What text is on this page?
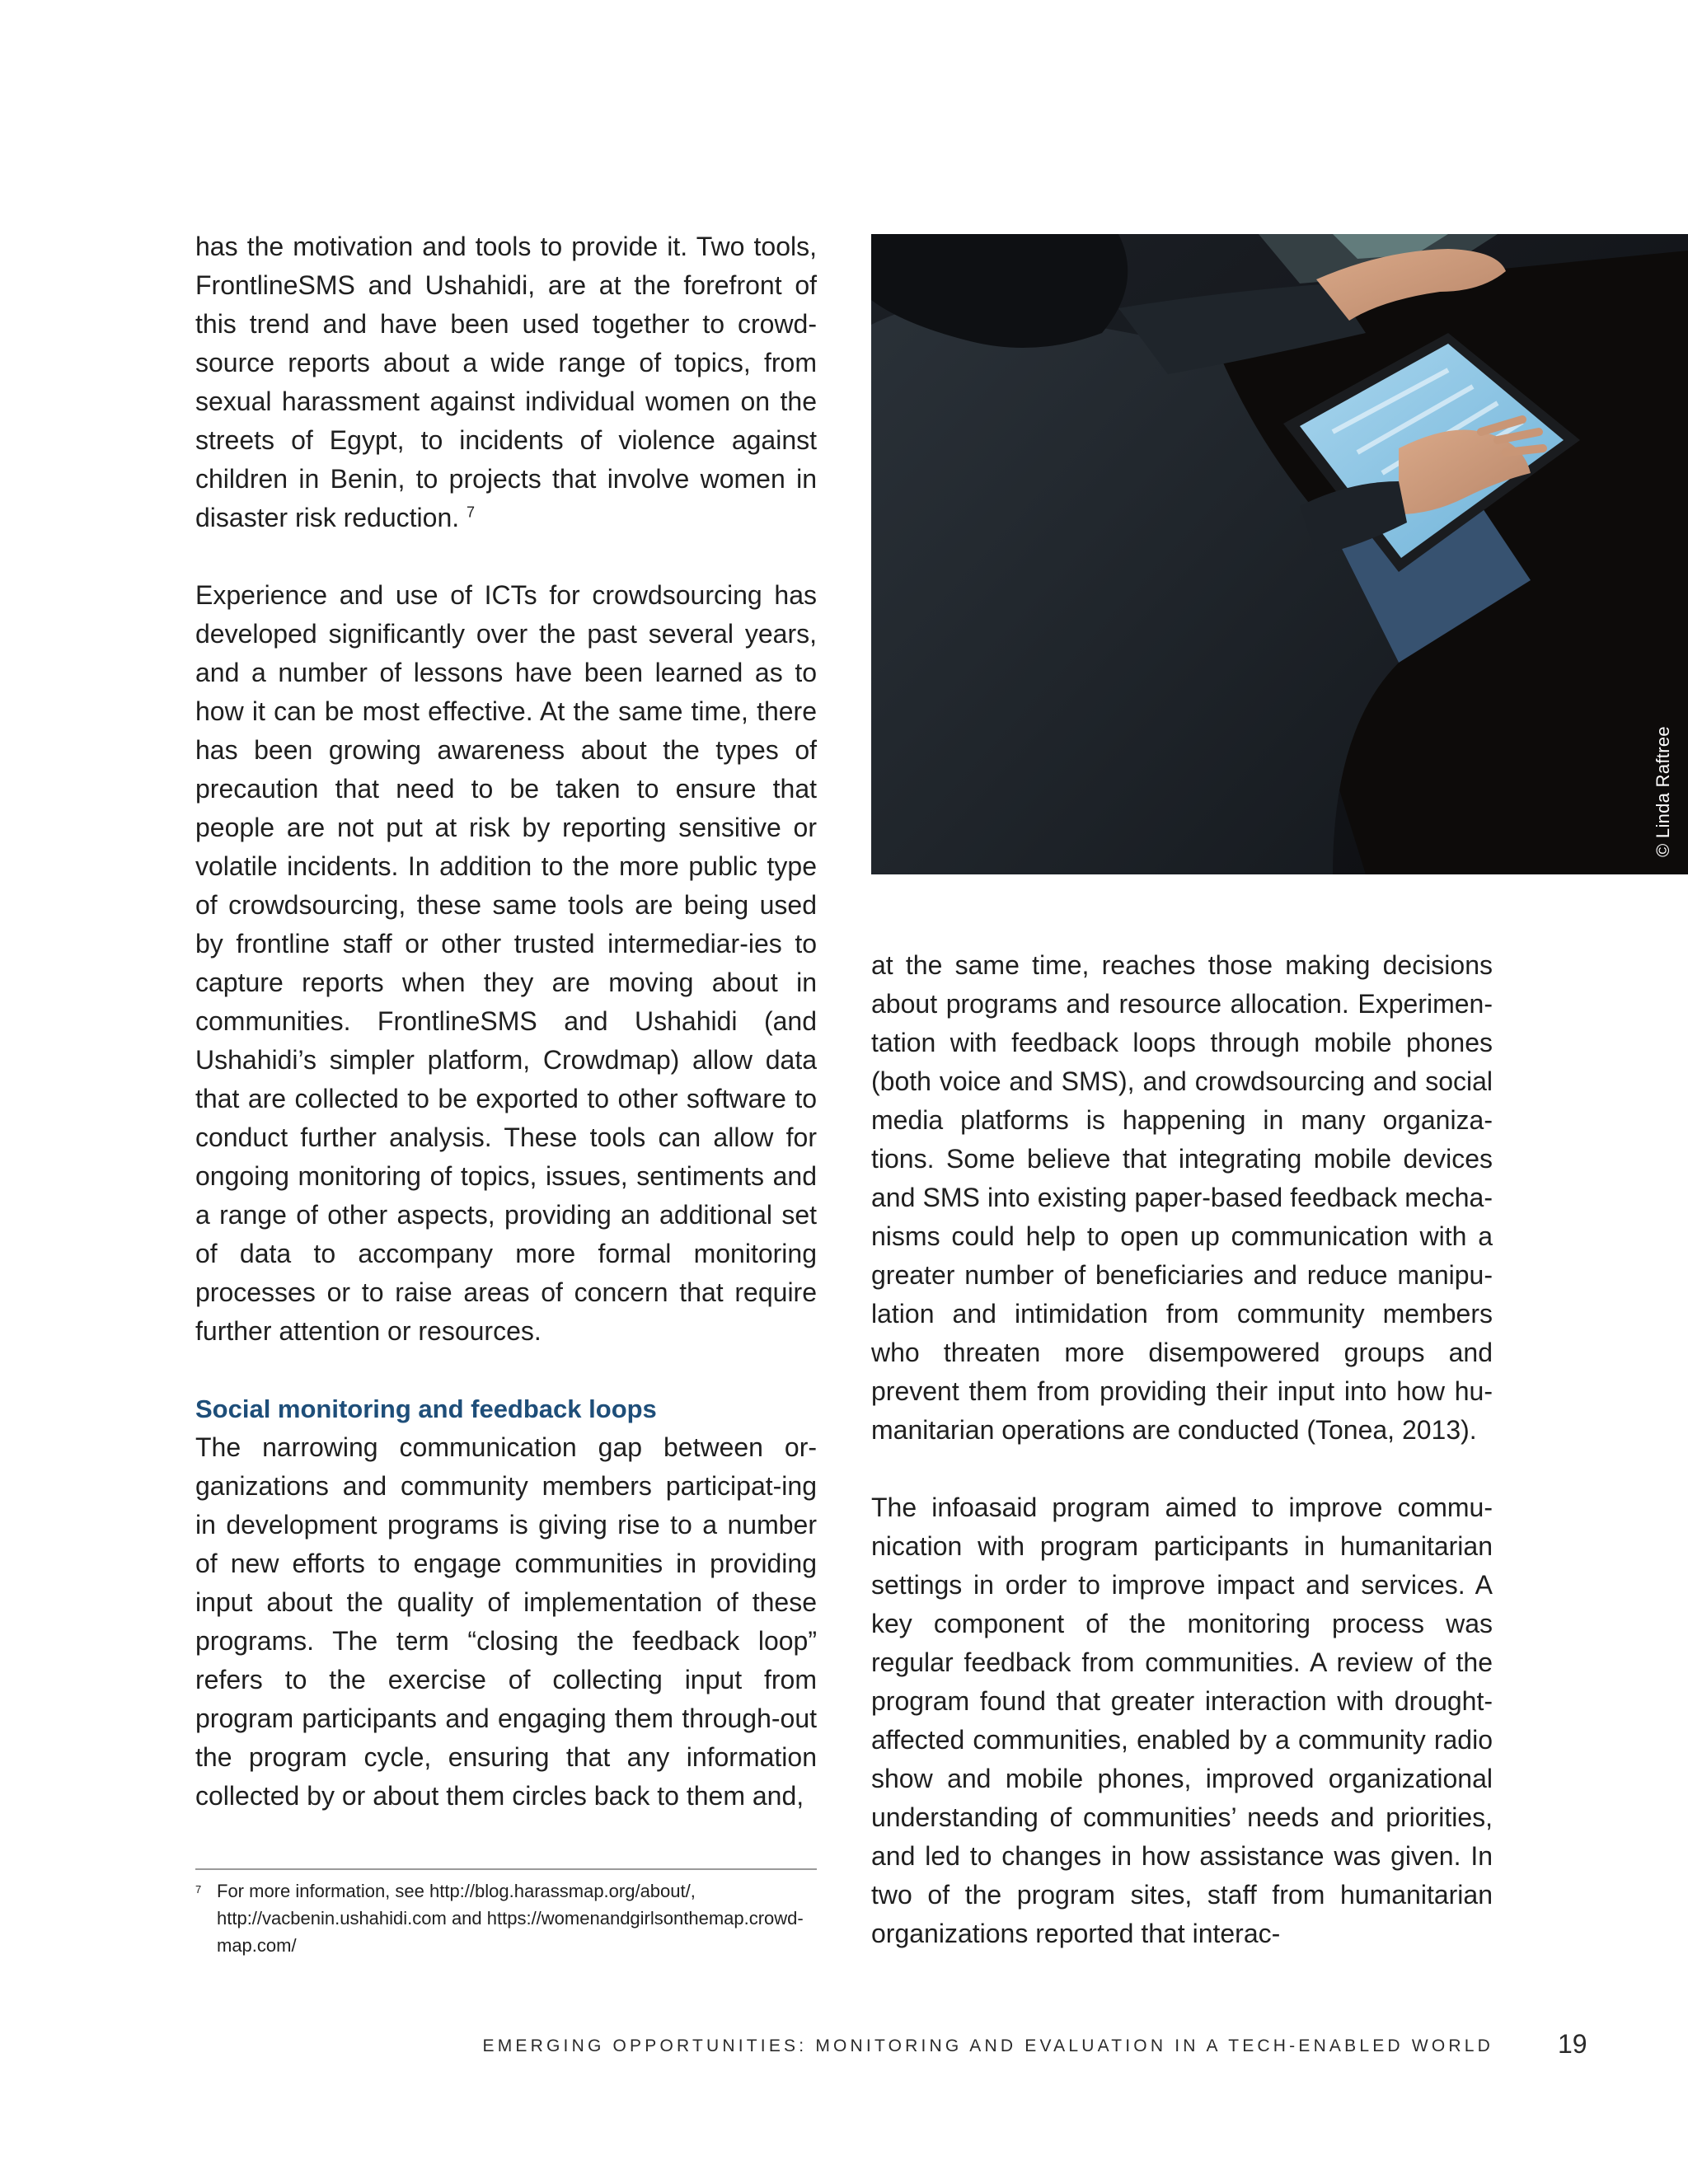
has the motivation and tools to provide it. Two tools, FrontlineSMS and Ushahidi, are at the forefront of this trend and have been used together to crowd-source reports about a wide range of topics, from sexual harassment against individual women on the streets of Egypt, to incidents of violence against children in Benin, to projects that involve women in disaster risk reduction. $^7$

Experience and use of ICTs for crowdsourcing has developed significantly over the past several years, and a number of lessons have been learned as to how it can be most effective. At the same time, there has been growing awareness about the types of precaution that need to be taken to ensure that people are not put at risk by reporting sensitive or volatile incidents. In addition to the more public type of crowdsourcing, these same tools are being used by frontline staff or other trusted intermediar-ies to capture reports when they are moving about in communities. FrontlineSMS and Ushahidi (and Ushahidi’s simpler platform, Crowdmap) allow data that are collected to be exported to other software to conduct further analysis. These tools can allow for ongoing monitoring of topics, issues, sentiments and a range of other aspects, providing an additional set of data to accompany more formal monitoring processes or to raise areas of concern that require further attention or resources.

Social monitoring and feedback loops

The narrowing communication gap between or-ganizations and community members participat-ing in development programs is giving rise to a number of new efforts to engage communities in providing input about the quality of implementation of these programs. The term “closing the feedback loop” refers to the exercise of collecting input from program participants and engaging them through-out the program cycle, ensuring that any information collected by or about them circles back to them and,

7 For more information, see http://blog.harassmap.org/about/, http://vacbenin.ushahidi.com and https://womenandgirlsonthemap.crowd-map.com/
© Linda Raftree

at the same time, reaches those making decisions about programs and resource allocation. Experimen-tation with feedback loops through mobile phones (both voice and SMS), and crowdsourcing and social media platforms is happening in many organiza-tions. Some believe that integrating mobile devices and SMS into existing paper-based feedback mecha-nisms could help to open up communication with a greater number of beneficiaries and reduce manipu-lation and intimidation from community members who threaten more disempowered groups and prevent them from providing their input into how hu-manitarian operations are conducted (Tonea, 2013).

The infoasaid program aimed to improve commu-nication with program participants in humanitarian settings in order to improve impact and services. A key component of the monitoring process was regular feedback from communities. A review of the program found that greater interaction with drought-affected communities, enabled by a community radio show and mobile phones, improved organizational understanding of communities’ needs and priorities, and led to changes in how assistance was given. In two of the program sites, staff from humanitarian organizations reported that interac-

EMERGING OPPORTUNITIES: MONITORING AND EVALUATION IN A TECH-ENABLED WORLD 19
